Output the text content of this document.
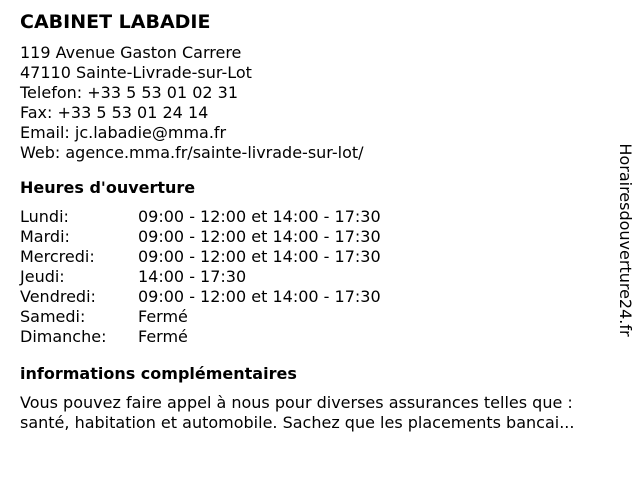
CABINET LABADIE
119 Avenue Gaston Carrere
47110 Sainte-Livrade-sur-Lot
Telefon: +33 5 53 01 02 31
Fax: +33 5 53 01 24 14
Email: jc.labadie@mma.fr
Web: agence.mma.fr/sainte-livrade-sur-lot/
Heures d'ouverture
Lundi:	09:00 - 12:00 et 14:00 - 17:30
Mardi:	09:00 - 12:00 et 14:00 - 17:30
Mercredi:	09:00 - 12:00 et 14:00 - 17:30
Jeudi:	14:00 - 17:30
Vendredi:	09:00 - 12:00 et 14:00 - 17:30
Samedi:	Fermé
Dimanche:	Fermé
informations complémentaires
Vous pouvez faire appel à nous pour diverses assurances telles que :
santé, habitation et automobile. Sachez que les placements bancai...
Horairesdouverture24.fr
